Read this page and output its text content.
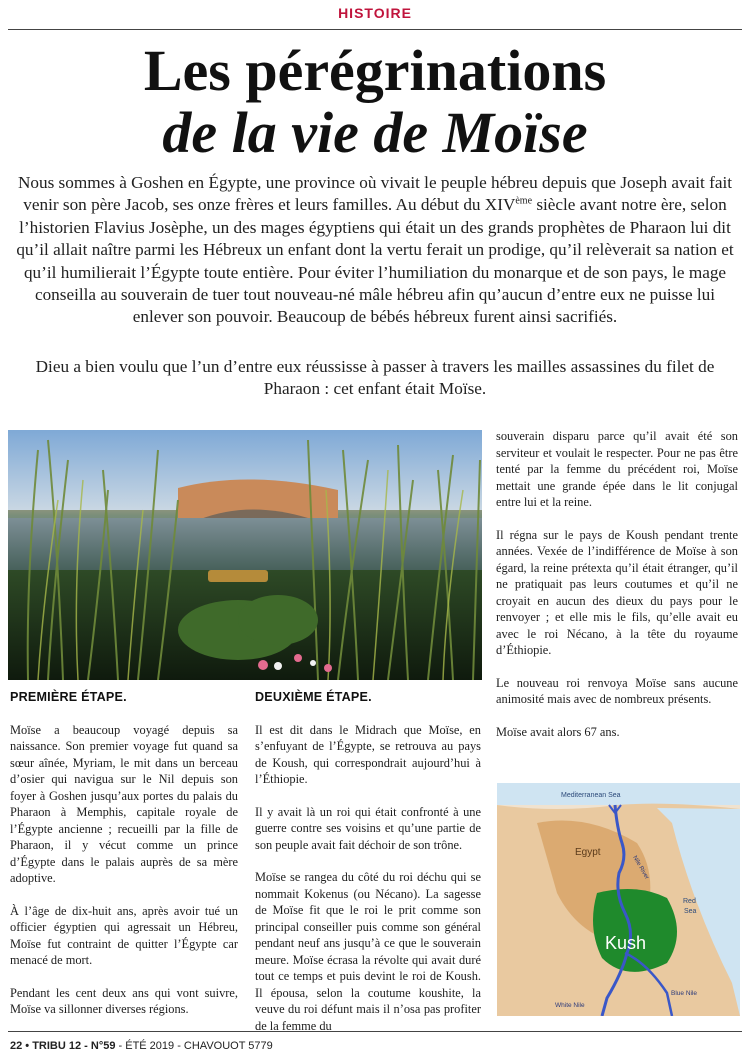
HISTOIRE
Les pérégrinations
de la vie de Moïse
Nous sommes à Goshen en Égypte, une province où vivait le peuple hébreu depuis que Joseph avait fait venir son père Jacob, ses onze frères et leurs familles. Au début du XIVème siècle avant notre ère, selon l’historien Flavius Josèphe, un des mages égyptiens qui était un des grands prophètes de Pharaon lui dit qu’il allait naître parmi les Hébreux un enfant dont la vertu ferait un prodige, qu’il relèverait sa nation et qu’il humilierait l’Égypte toute entière. Pour éviter l’humiliation du monarque et de son pays, le mage conseilla au souverain de tuer tout nouveau-né mâle hébreu afin qu’aucun d’entre eux ne puisse lui enlever son pouvoir. Beaucoup de bébés hébreux furent ainsi sacrifiés.
Dieu a bien voulu que l’un d’entre eux réussisse à passer à travers les mailles assassines du filet de Pharaon : cet enfant était Moïse.
PREMIÈRE ÉTAPE.

Moïse a beaucoup voyagé depuis sa naissance. Son premier voyage fut quand sa sœur aînée, Myriam, le mit dans un berceau d’osier qui navigua sur le Nil depuis son foyer à Goshen jusqu’aux portes du palais du Pharaon à Memphis, capitale royale de l’Égypte ancienne ; recueilli par la fille de Pharaon, il y vécut comme un prince d’Égypte dans le palais auprès de sa mère adoptive.

À l’âge de dix-huit ans, après avoir tué un officier égyptien qui agressait un Hébreu, Moïse fut contraint de quitter l’Égypte car menacé de mort.

Pendant les cent deux ans qui vont suivre, Moïse va sillonner diverses régions.

DEUXIÈME ÉTAPE.

Il est dit dans le Midrach que Moïse, en s’enfuyant de l’Égypte, se retrouva au pays de Koush, qui correspondrait aujourd’hui à l’Éthiopie.

Il y avait là un roi qui était confronté à une guerre contre ses voisins et qu’une partie de son peuple avait fait déchoir de son trône.

Moïse se rangea du côté du roi déchu qui se nommait Kokenus (ou Nécano). La sagesse de Moïse fit que le roi le prit comme son principal conseiller puis comme son général pendant neuf ans jusqu’à ce que le souverain meure. Moïse écrasa la révolte qui avait duré tout ce temps et puis devint le roi de Koush. Il épousa, selon la coutume koushite, la veuve du roi défunt mais il n’osa pas profiter de la femme du

souverain disparu parce qu’il avait été son serviteur et voulait le respecter. Pour ne pas être tenté par la femme du précédent roi, Moïse mettait une grande épée dans le lit conjugal entre lui et la reine.

Il régna sur le pays de Koush pendant trente années. Vexée de l’indifférence de Moïse à son égard, la reine prétexta qu’il était étranger, qu’il ne pratiquait pas leurs coutumes et qu’il ne croyait en aucun des dieux du pays pour le renvoyer ; et elle mis le fils, qu’elle avait eu avec le roi Nécano, à la tête du royaume d’Éthiopie.

Le nouveau roi renvoya Moïse sans aucune animosité mais avec de nombreux présents.

Moïse avait alors 67 ans.

Mediterranean Sea
Egypt
Nile River
Kush
Red
Sea
White Nile
Blue Nile
22 • TRIBU 12 - N°59 - ÉTÉ 2019 - CHAVOUOT 5779
